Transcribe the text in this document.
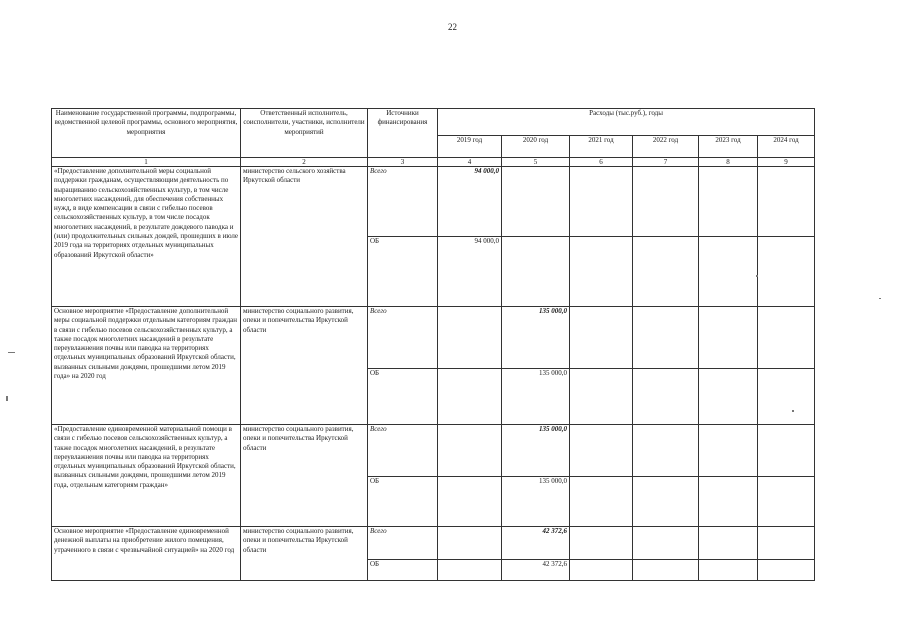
22
Наименование государственной программы, подпрограммы, ведомственной целевой программы, основного мероприятия, мероприятия	Ответственный исполнитель, соисполнители, участники, исполнители мероприятий	Источники финансирования	Расходы (тыс.руб.), годы					
			2019 год	2020 год	2021 год	2022 год	2023 год	2024 год
1	2	3	4	5	6	7	8	9
«Предоставление дополнительной меры социальной поддержки гражданам, осуществляющим деятельность по выращиванию сельскохозяйственных культур, в том числе многолетних насаждений, для обеспечения собственных нужд, в виде компенсации в связи с гибелью посевов сельскохозяйственных культур, в том числе посадок многолетних насаждений, в результате дождевого паводка и (или) продолжительных сильных дождей, прошедших в июле 2019 года на территориях отдельных муниципальных образований Иркутской области»	министерство сельского хозяйства Иркутской области	Всего	94 000,0					
		ОБ	94 000,0					
Основное мероприятие «Предоставление дополнительной меры социальной поддержки отдельным категориям граждан в связи с гибелью посевов сельскохозяйственных культур, а также посадок многолетних насаждений в результате переувлажнения почвы или паводка на территориях отдельных муниципальных образований Иркутской области, вызванных сильными дождями, прошедшими летом 2019 года» на 2020 год	министерство социального развития, опеки и попечительства Иркутской области	Всего		135 000,0				
		ОБ		135 000,0				
«Предоставление единовременной материальной помощи в связи с гибелью посевов сельскохозяйственных культур, а также посадок многолетних насаждений, в результате переувлажнения почвы или паводка на территориях отдельных муниципальных образований Иркутской области, вызванных сильными дождями, прошедшими летом 2019 года, отдельным категориям граждан»	министерство социального развития, опеки и попечительства Иркутской области	Всего		135 000,0				
		ОБ		135 000,0				
Основное мероприятие «Предоставление единовременной денежной выплаты на приобретение жилого помещения, утраченного в связи с чрезвычайной ситуацией» на 2020 год	министерство социального развития, опеки и попечительства Иркутской области	Всего		42 372,6				
		ОБ		42 372,6				
